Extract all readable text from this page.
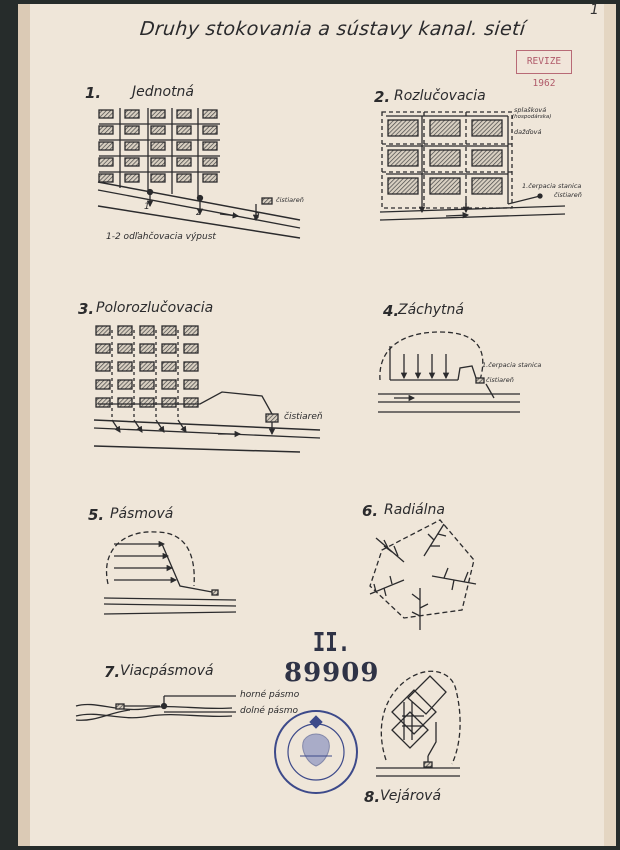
1
Druhy stokovania a sústavy kanal. sietí
REVIZE 1962
1. Jednotná
čistiareň
1
2	3
1-2 odľahčovacia výpust
2. Rozlučovacia
splašková
(hospodárska)
dažďová
1.čerpacia stanica
čistiareň
3. Polorozlučovacia
čistiareň
4.
Záchytná
1.čerpacia stanica
čistiareň
5. Pásmová	6. Radiálna
7. Viacpásmová
horné pásmo
dolné pásmo
8. Vejárová
II.
89909
